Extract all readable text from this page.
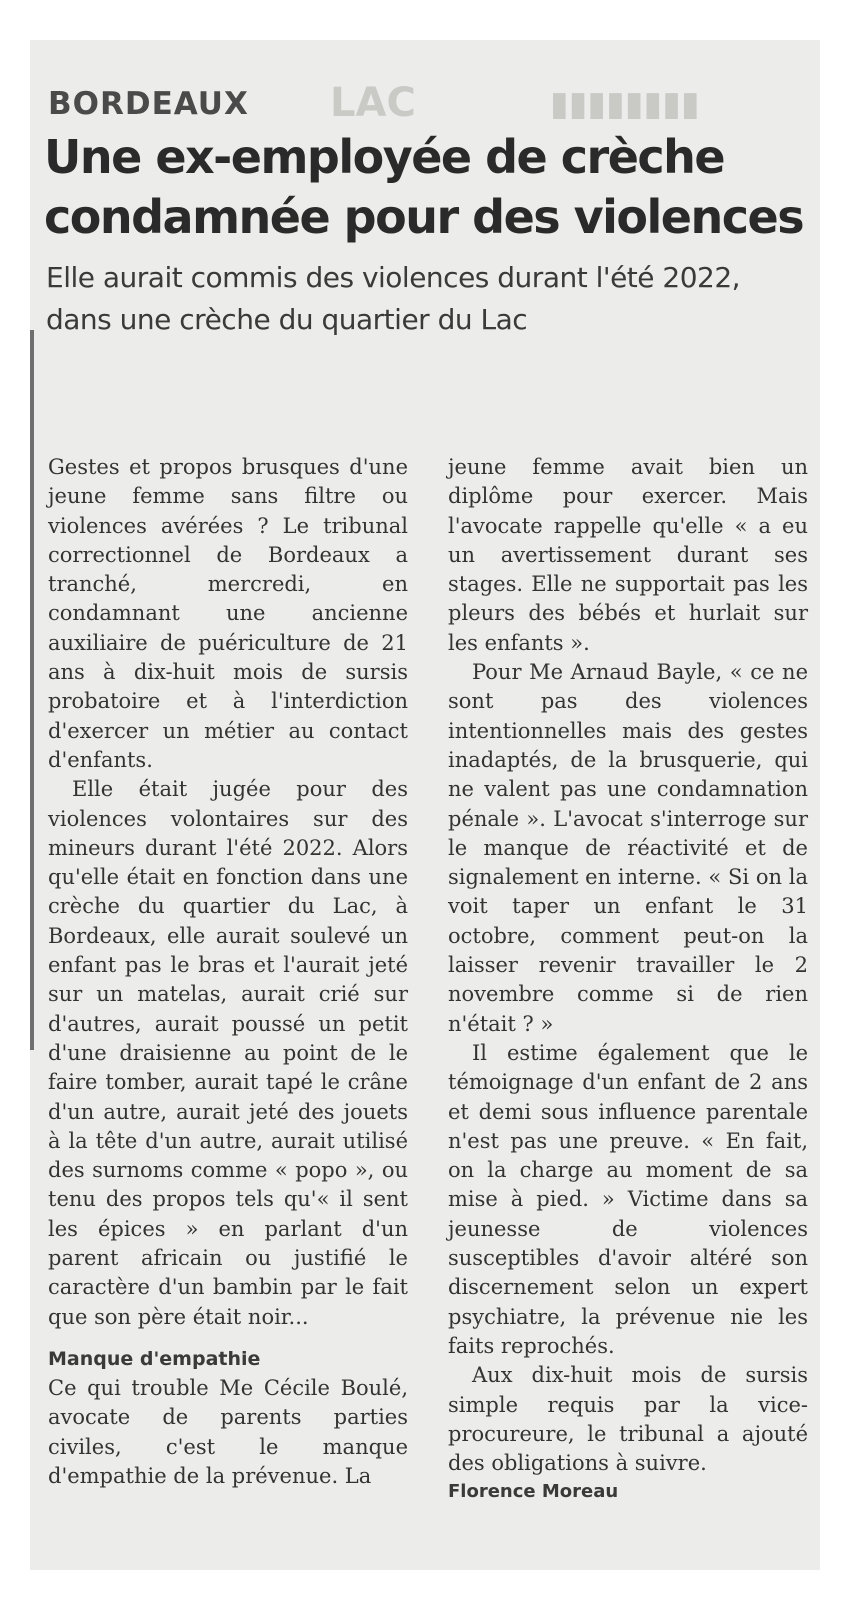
LAC	▮▮▮▮▮▮▮▮
BORDEAUX
Une ex-employée de crèche condamnée pour des violences
Elle aurait commis des violences durant l'été 2022, dans une crèche du quartier du Lac

Gestes et propos brusques d'une jeune femme sans filtre ou violences avérées ? Le tribunal correctionnel de Bordeaux a tranché, mercredi, en condamnant une ancienne auxiliaire de puériculture de 21 ans à dix-huit mois de sursis probatoire et à l'interdiction d'exercer un métier au contact d'enfants.

Elle était jugée pour des violences volontaires sur des mineurs durant l'été 2022. Alors qu'elle était en fonction dans une crèche du quartier du Lac, à Bordeaux, elle aurait soulevé un enfant pas le bras et l'aurait jeté sur un matelas, aurait crié sur d'autres, aurait poussé un petit d'une draisienne au point de le faire tomber, aurait tapé le crâne d'un autre, aurait jeté des jouets à la tête d'un autre, aurait utilisé des surnoms comme « popo », ou tenu des propos tels qu'« il sent les épices » en parlant d'un parent africain ou justifié le caractère d'un bambin par le fait que son père était noir...

Manque d'empathie

Ce qui trouble Me Cécile Boulé, avocate de parents parties civiles, c'est le manque d'empathie de la prévenue. La

jeune femme avait bien un diplôme pour exercer. Mais l'avocate rappelle qu'elle « a eu un avertissement durant ses stages. Elle ne supportait pas les pleurs des bébés et hurlait sur les enfants ».

Pour Me Arnaud Bayle, « ce ne sont pas des violences intentionnelles mais des gestes inadaptés, de la brusquerie, qui ne valent pas une condamnation pénale ». L'avocat s'interroge sur le manque de réactivité et de signalement en interne. « Si on la voit taper un enfant le 31 octobre, comment peut-on la laisser revenir travailler le 2 novembre comme si de rien n'était ? »

Il estime également que le témoignage d'un enfant de 2 ans et demi sous influence parentale n'est pas une preuve. « En fait, on la charge au moment de sa mise à pied. » Victime dans sa jeunesse de violences susceptibles d'avoir altéré son discernement selon un expert psychiatre, la prévenue nie les faits reprochés.

Aux dix-huit mois de sursis simple requis par la vice-procureure, le tribunal a ajouté des obligations à suivre.

Florence Moreau
